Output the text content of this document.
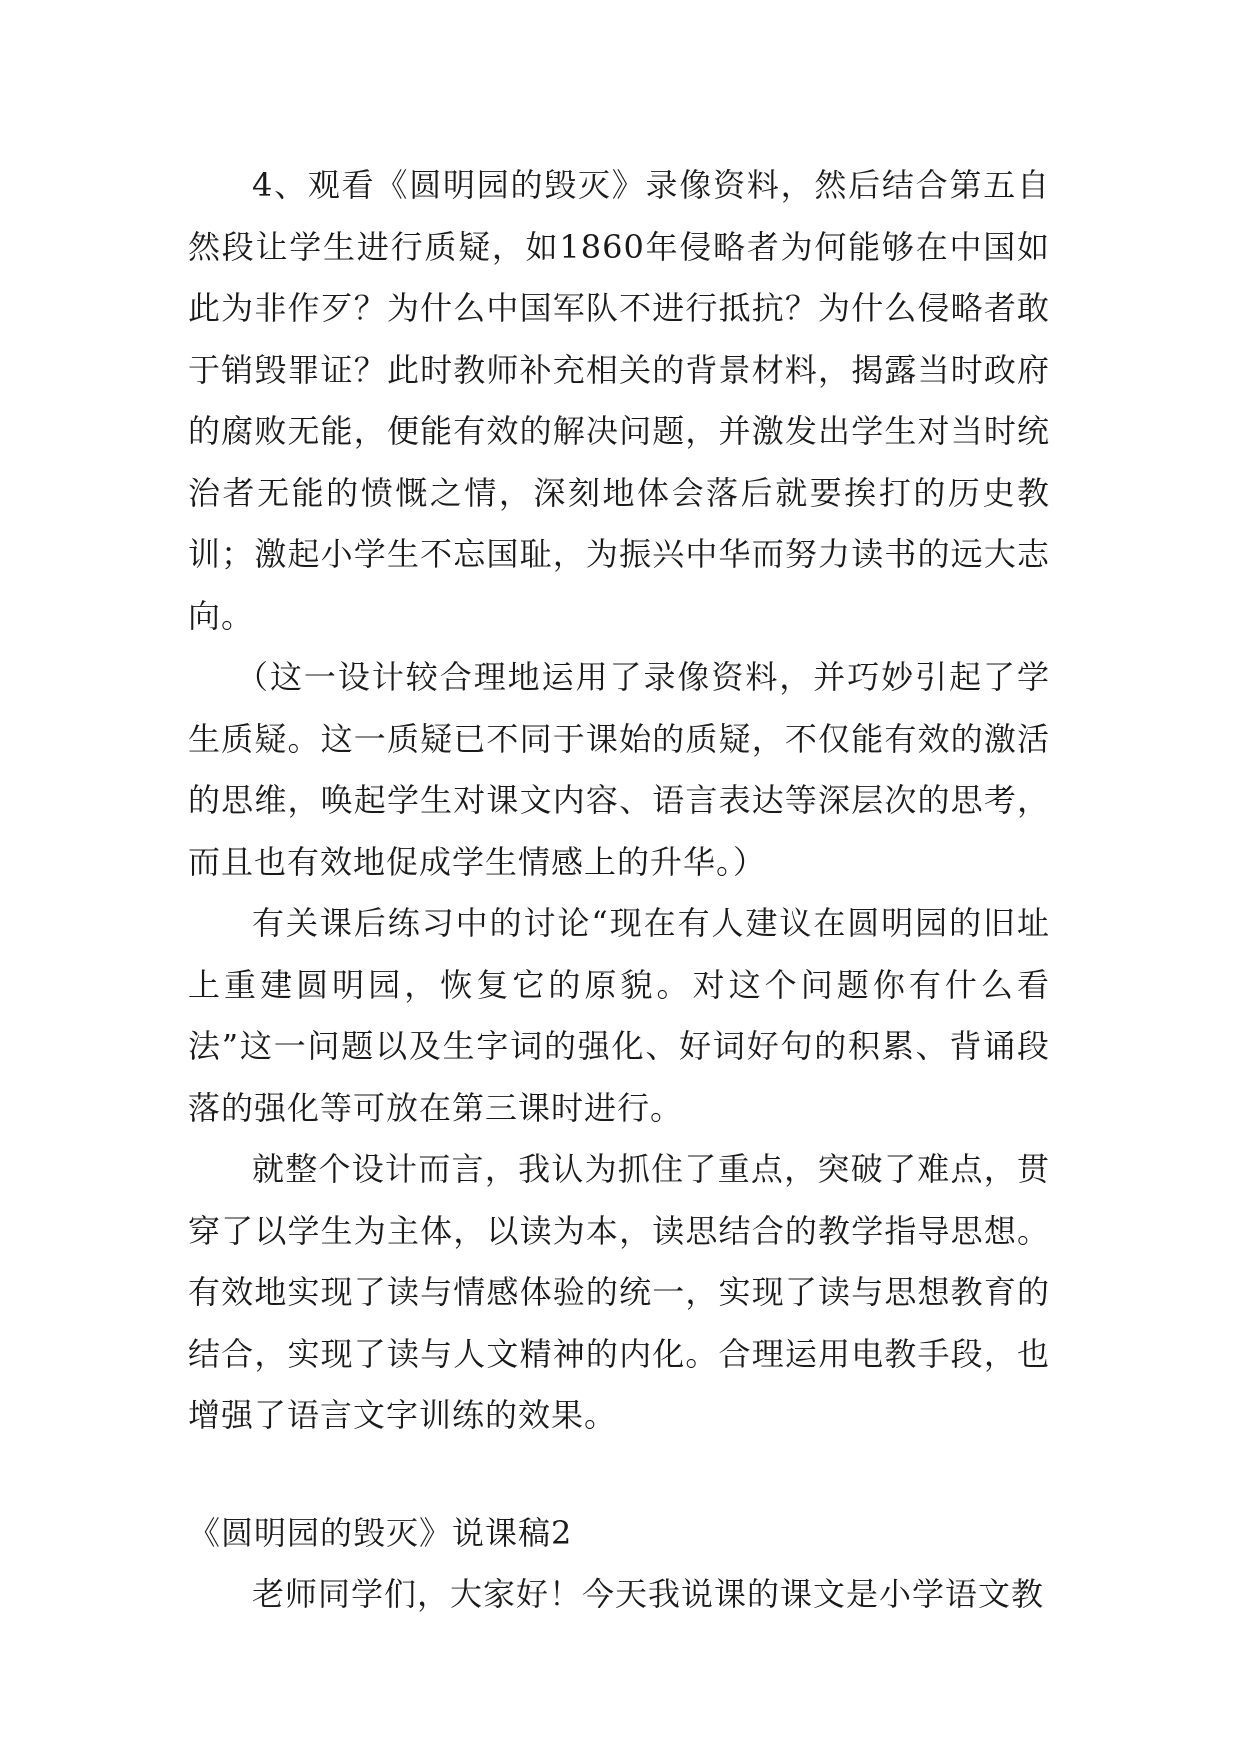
4、观看《圆明园的毁灭》录像资料，然后结合第五自然段让学生进行质疑，如1860年侵略者为何能够在中国如此为非作歹？为什么中国军队不进行抵抗？为什么侵略者敢于销毁罪证？此时教师补充相关的背景材料，揭露当时政府的腐败无能，便能有效的解决问题，并激发出学生对当时统治者无能的愤慨之情，深刻地体会落后就要挨打的历史教训；激起小学生不忘国耻，为振兴中华而努力读书的远大志向。

（这一设计较合理地运用了录像资料，并巧妙引起了学生质疑。这一质疑已不同于课始的质疑，不仅能有效的激活的思维，唤起学生对课文内容、语言表达等深层次的思考，而且也有效地促成学生情感上的升华。）

有关课后练习中的讨论“现在有人建议在圆明园的旧址上重建圆明园，恢复它的原貌。对这个问题你有什么看法”这一问题以及生字词的强化、好词好句的积累、背诵段落的强化等可放在第三课时进行。

就整个设计而言，我认为抓住了重点，突破了难点，贯穿了以学生为主体，以读为本，读思结合的教学指导思想。有效地实现了读与情感体验的统一，实现了读与思想教育的结合，实现了读与人文精神的内化。合理运用电教手段，也增强了语言文字训练的效果。

《圆明园的毁灭》说课稿2

老师同学们，大家好！今天我说课的课文是小学语文教
